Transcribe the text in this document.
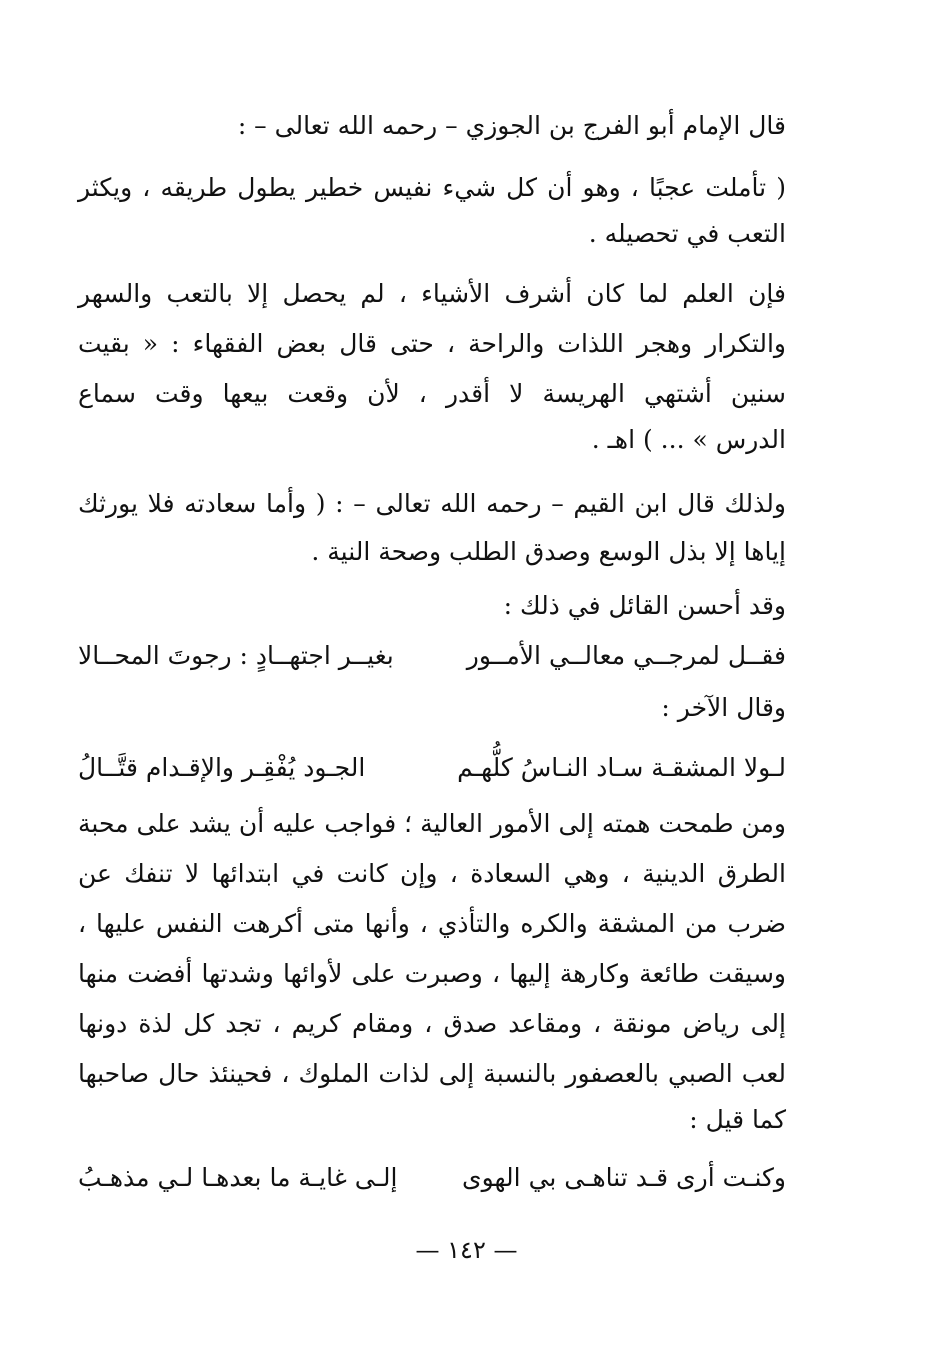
قال الإمام أبو الفرج بن الجوزي – رحمه الله تعالى – :
( تأملت عجبًا ، وهو أن كل شيء نفيس خطير يطول طريقه ، ويكثر
التعب في تحصيله .
فإن العلم لما كان أشرف الأشياء ، لم يحصل إلا بالتعب والسهر
والتكرار وهجر اللذات والراحة ، حتى قال بعض الفقهاء : « بقيت
سنين أشتهي الهريسة لا أقدر ، لأن وقعت بيعها وقت سماع
الدرس » ... ) اهـ .
ولذلك قال ابن القيم – رحمه الله تعالى – : ( وأما سعادته فلا يورثك
إياها إلا بذل الوسع وصدق الطلب وصحة النية .
وقد أحسن القائل في ذلك :
فقــل لمرجــي معالــي الأمــور
بغيــر اجتهــادٍ : رجوتَ المحــالا
وقال الآخر :
لـولا المشقـة سـاد النـاسُ كلُّهـم
الجـود يُفْقِـر والإقـدام قتَّــالُ
ومن طمحت همته إلى الأمور العالية ؛ فواجب عليه أن يشد على محبة
الطرق الدينية ، وهي السعادة ، وإن كانت في ابتدائها لا تنفك عن
ضرب من المشقة والكره والتأذي ، وأنها متى أكرهت النفس عليها ،
وسيقت طائعة وكارهة إليها ، وصبرت على لأوائها وشدتها أفضت منها
إلى رياض مونقة ، ومقاعد صدق ، ومقام كريم ، تجد كل لذة دونها
لعب الصبي بالعصفور بالنسبة إلى لذات الملوك ، فحينئذ حال صاحبها
كما قيل :
وكنـت أرى قـد تناهـى بي الهوى
إلـى غايـة ما بعدهـا لـي مذهـبُ
— ١٤٢ —
